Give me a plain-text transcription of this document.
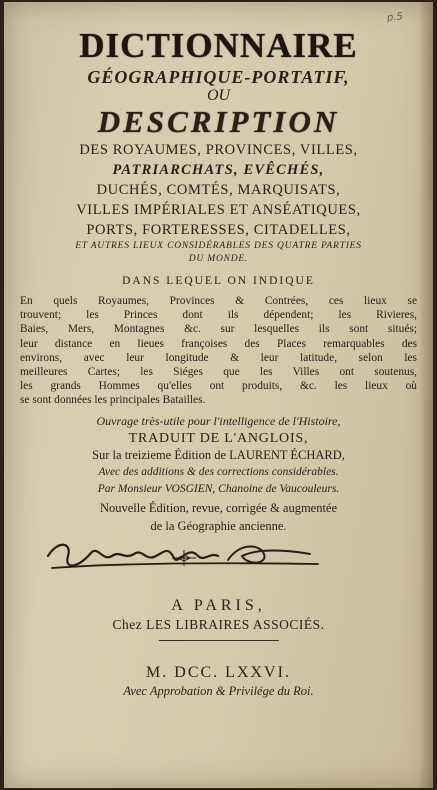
p.5
DICTIONNAIRE
GÉOGRAPHIQUE-PORTATIF,
OU
DESCRIPTION
DES ROYAUMES, PROVINCES, VILLES,
PATRIARCHATS, EVÊCHÉS,
DUCHÉS, COMTÉS, MARQUISATS,
VILLES IMPÉRIALES ET ANSÉATIQUES,
PORTS, FORTERESSES, CITADELLES,
ET AUTRES LIEUX CONSIDÉRABLES DES QUATRE PARTIES
DU MONDE.
DANS LEQUEL ON INDIQUE
En quels Royaumes, Provinces & Contrées, ces lieux se
trouvent; les Princes dont ils dépendent; les Rivieres,
Baies, Mers, Montagnes &c. sur lesquelles ils sont situés;
leur distance en lieues françoises des Places remarquables des
environs, avec leur longitude & leur latitude, selon les
meilleures Cartes; les Siéges que les Villes ont soutenus,
les grands Hommes qu'elles ont produits, &c. les lieux où
se sont données les principales Batailles.
Ouvrage très-utile pour l'intelligence de l'Histoire,
TRADUIT DE L'ANGLOIS,
Sur la treizieme Édition de LAURENT ÉCHARD,
Avec des additions & des corrections considérables.
Par Monsieur VOSGIEN, Chanoine de Vaucouleurs.
Nouvelle Édition, revue, corrigée & augmentée
de la Géographie ancienne.
A PARIS,
Chez LES LIBRAIRES ASSOCIÉS.
M. DCC. LXXVI.
Avec Approbation & Privilége du Roi.
